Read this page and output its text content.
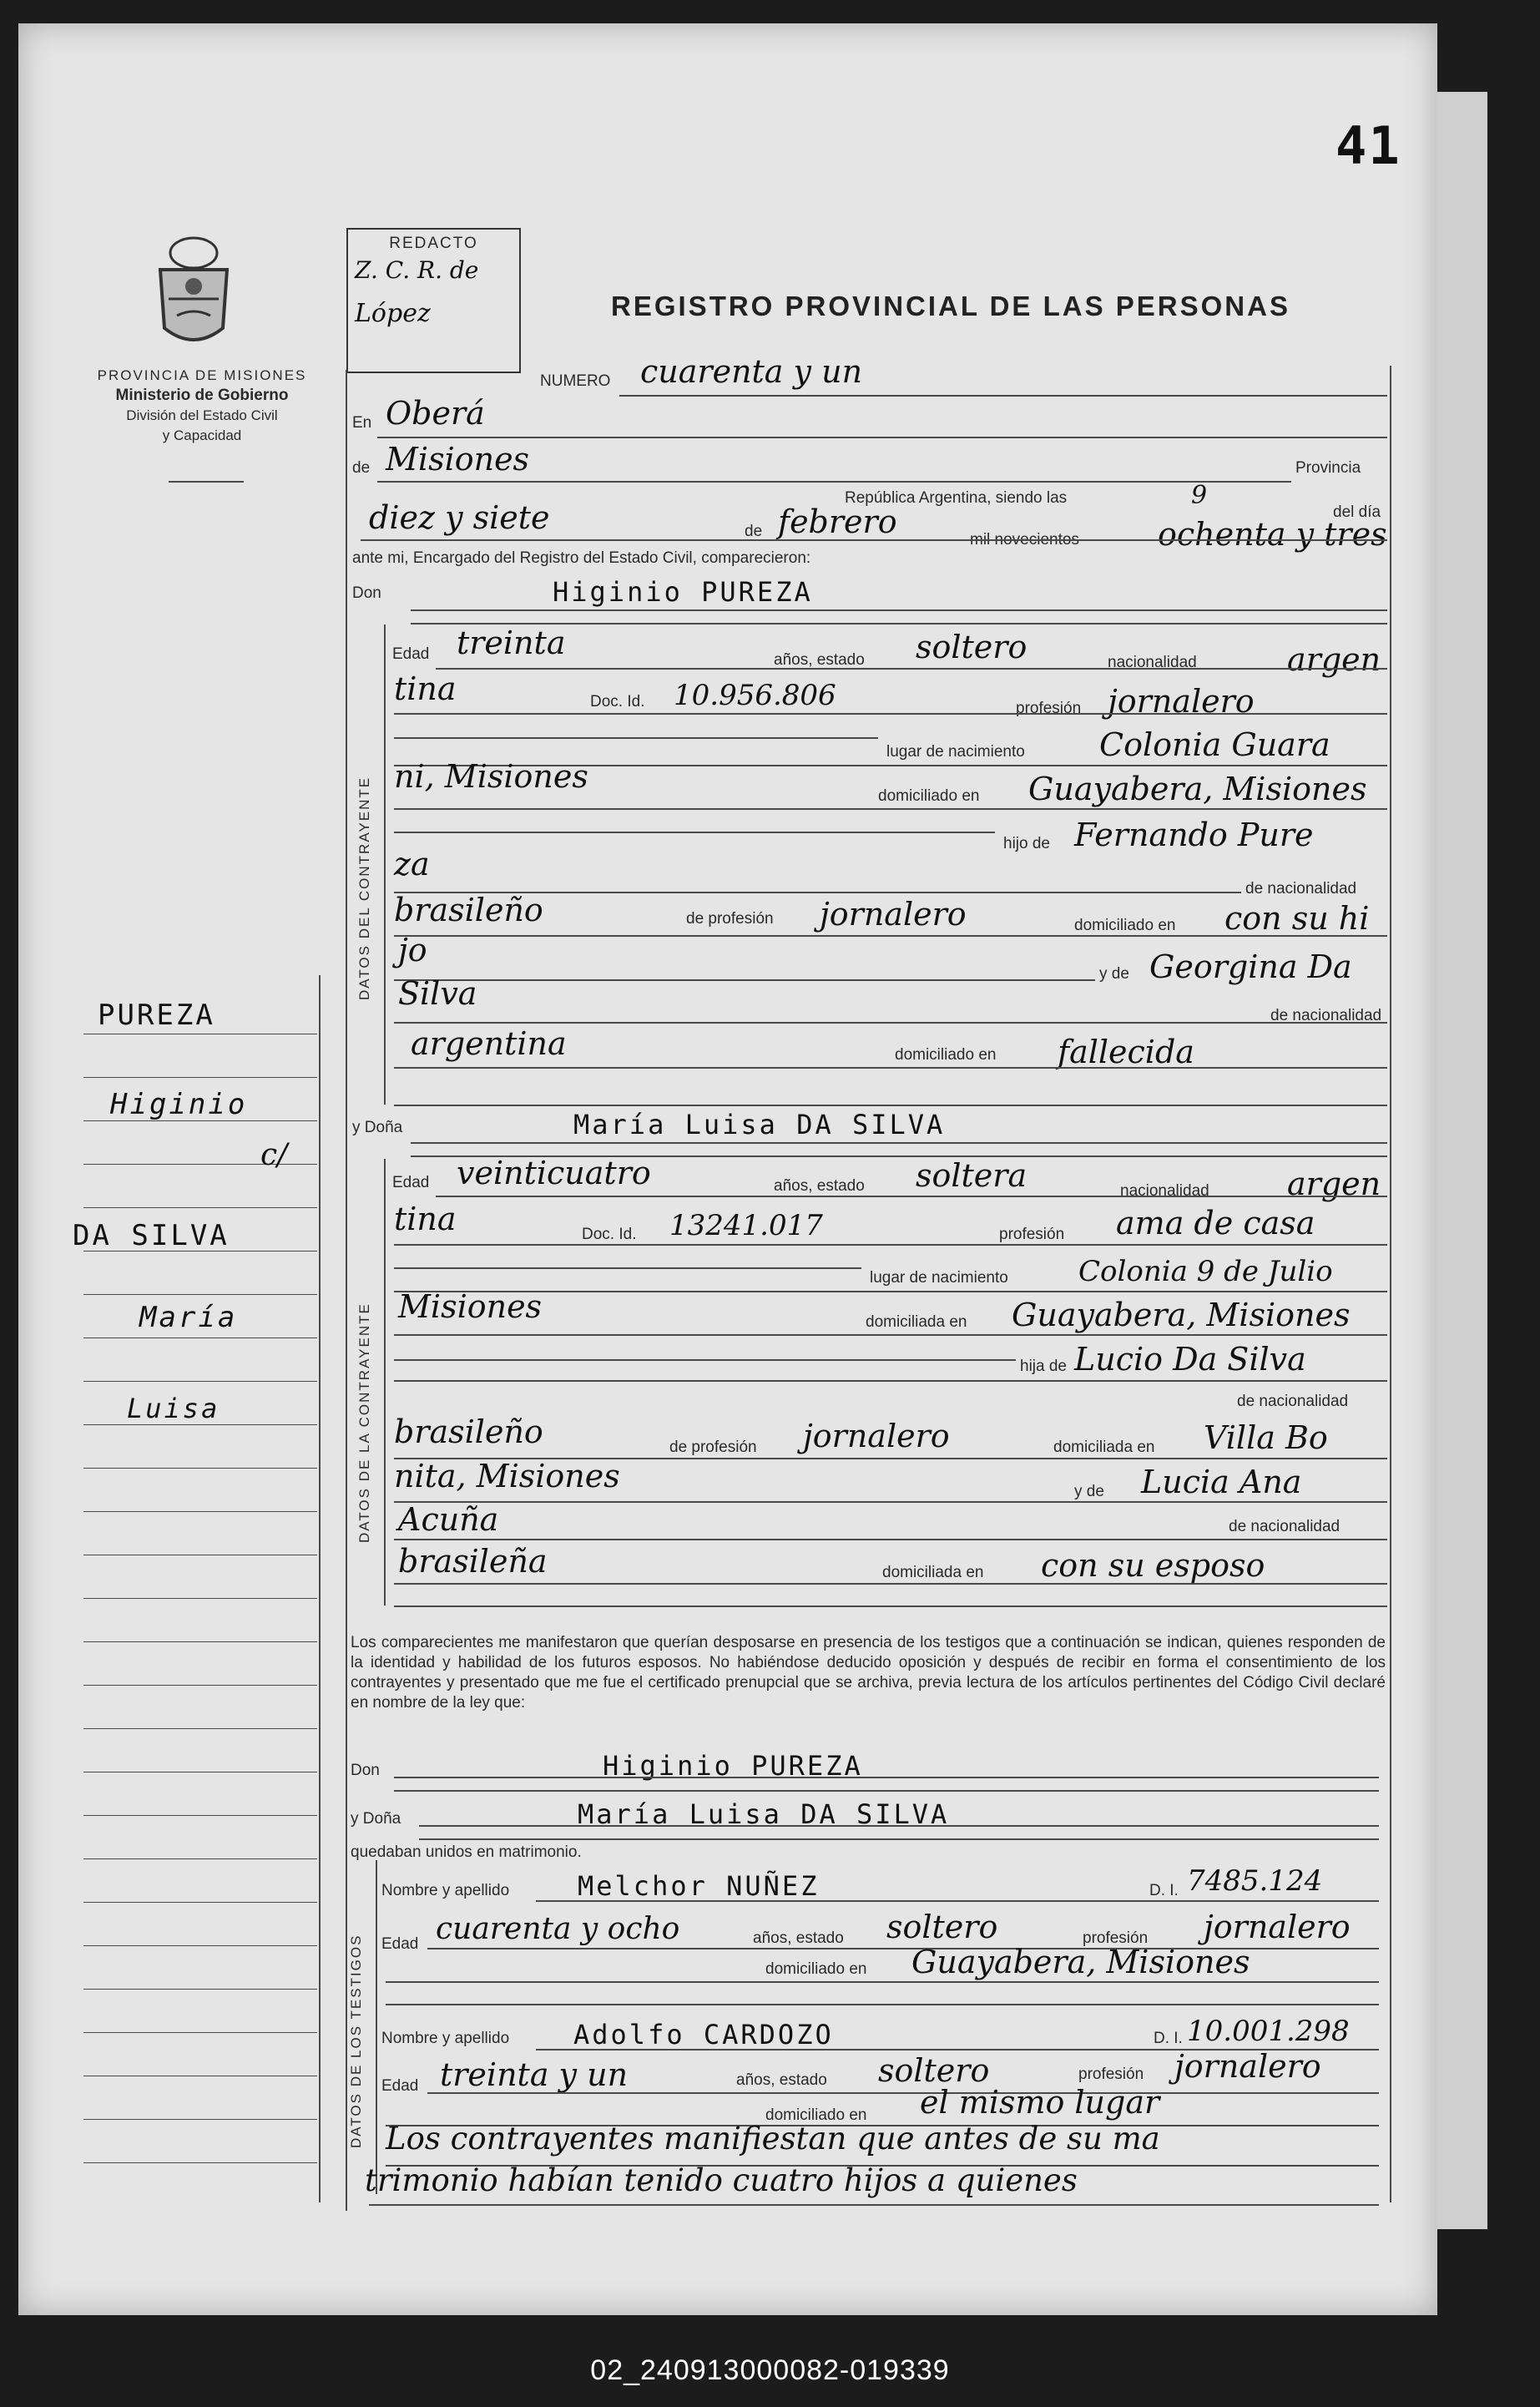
41
PROVINCIA DE MISIONES
Ministerio de Gobierno
División del Estado Civil
y Capacidad
REDACTO
Z. C. R. de
López	REGISTRO PROVINCIAL DE LAS PERSONAS
NUMERO cuarenta y un
En Oberá
de Misiones	Provincia
República Argentina, siendo las	9
del día
diez y siete	de febrero	mil novecientos ochenta y tres
ante mi, Encargado del Registro del Estado Civil, comparecieron:
Don	Higinio PUREZA
DATOS DEL CONTRAYENTE
Edad treinta	años, estado soltero	nacionalidad	argen
tina	Doc. Id. 10.956.806	profesión jornalero
lugar de nacimiento Colonia Guara
ni, Misiones
domiciliado en Guayabera, Misiones
hijo de Fernando Pure
za
de nacionalidad
brasileño	de profesión jornalero	domiciliado en con su hi
jo
y de Georgina Da
Silva
de nacionalidad
argentina	domiciliado en fallecida
y Doña	María Luisa DA SILVA
DATOS DE LA CONTRAYENTE
Edad veinticuatro	años, estado soltera	nacionalidad argen
tina	Doc. Id. 13241.017	profesión ama de casa
lugar de nacimiento Colonia 9 de Julio
Misiones	domiciliada en Guayabera, Misiones
hija de Lucio Da Silva
de nacionalidad
brasileño	de profesión jornalero	domiciliada en Villa Bo
nita, Misiones	y de Lucia Ana
Acuña	de nacionalidad
brasileña	domiciliada en con su esposo
Los comparecientes me manifestaron que querían desposarse en presencia de los testigos que a continuación se indican, quienes responden de la identidad y habilidad de los futuros esposos. No habiéndose deducido oposición y después de recibir en forma el consentimiento de los contrayentes y presentado que me fue el certificado prenupcial que se archiva, previa lectura de los artículos pertinentes del Código Civil declaré en nombre de la ley que:
Don	Higinio PUREZA
y Doña	María Luisa DA SILVA
quedaban unidos en matrimonio.
DATOS DE LOS TESTIGOS
Nombre y apellido	Melchor NUÑEZ	D. I. 7485.124
Edad cuarenta y ocho	años, estado soltero	profesión jornalero
domiciliado en Guayabera, Misiones
Nombre y apellido Adolfo CARDOZO	D. I. 10.001.298
Edad treinta y un	años, estado soltero	profesión jornalero
domiciliado en el mismo lugar
Los contrayentes manifiestan que antes de su ma
trimonio habían tenido cuatro hijos a quienes
PUREZA
Higinio
c/
DA SILVA
María
Luisa
02_240913000082-019339
